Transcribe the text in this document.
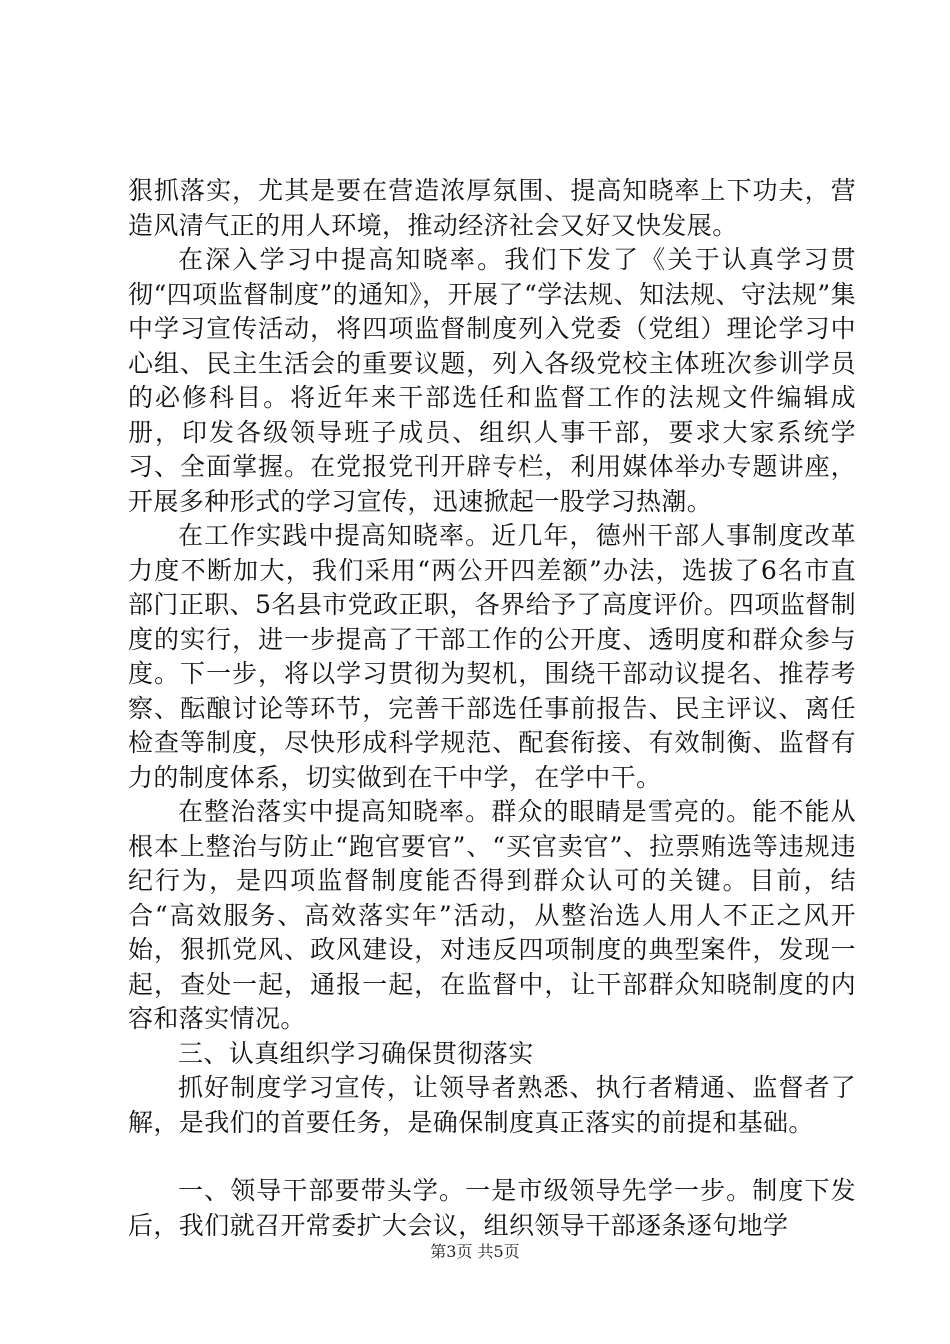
狠抓落实，尤其是要在营造浓厚氛围、提高知晓率上下功夫，营造风清气正的用人环境，推动经济社会又好又快发展。

在深入学习中提高知晓率。我们下发了《关于认真学习贯彻“四项监督制度”的通知》，开展了“学法规、知法规、守法规”集中学习宣传活动，将四项监督制度列入党委（党组）理论学习中心组、民主生活会的重要议题，列入各级党校主体班次参训学员的必修科目。将近年来干部选任和监督工作的法规文件编辑成册，印发各级领导班子成员、组织人事干部，要求大家系统学习、全面掌握。在党报党刊开辟专栏，利用媒体举办专题讲座，开展多种形式的学习宣传，迅速掀起一股学习热潮。

在工作实践中提高知晓率。近几年，德州干部人事制度改革力度不断加大，我们采用“两公开四差额”办法，选拔了6名市直部门正职、5名县市党政正职，各界给予了高度评价。四项监督制度的实行，进一步提高了干部工作的公开度、透明度和群众参与度。下一步，将以学习贯彻为契机，围绕干部动议提名、推荐考察、酝酿讨论等环节，完善干部选任事前报告、民主评议、离任检查等制度，尽快形成科学规范、配套衔接、有效制衡、监督有力的制度体系，切实做到在干中学，在学中干。

在整治落实中提高知晓率。群众的眼睛是雪亮的。能不能从根本上整治与防止“跑官要官”、“买官卖官”、拉票贿选等违规违纪行为，是四项监督制度能否得到群众认可的关键。目前，结合“高效服务、高效落实年”活动，从整治选人用人不正之风开始，狠抓党风、政风建设，对违反四项制度的典型案件，发现一起，查处一起，通报一起，在监督中，让干部群众知晓制度的内容和落实情况。

三、认真组织学习确保贯彻落实

抓好制度学习宣传，让领导者熟悉、执行者精通、监督者了解，是我们的首要任务，是确保制度真正落实的前提和基础。

一、领导干部要带头学。一是市级领导先学一步。制度下发后，我们就召开常委扩大会议，组织领导干部逐条逐句地学

第3页 共5页
